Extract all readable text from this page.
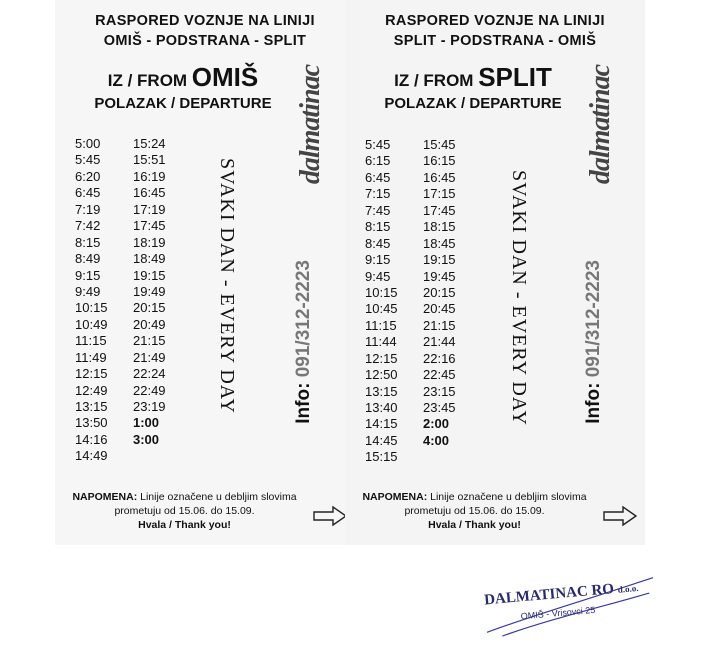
RASPORED VOZNJE NA LINIJI
OMIŠ - PODSTRANA - SPLIT
IZ / FROM OMIŠ
POLAZAK / DEPARTURE
5:00
5:45
6:20
6:45
7:19
7:42
8:15
8:49
9:15
9:49
10:15
10:49
11:15
11:49
12:15
12:49
13:15
13:50
14:16
14:49
15:24
15:51
16:19
16:45
17:19
17:45
18:19
18:49
19:15
19:49
20:15
20:49
21:15
21:49
22:24
22:49
23:19
1:00
3:00
SVAKI DAN - EVERY DAY
dalmatinac
Info: 091/312-2223
NAPOMENA: Linije označene u debljim slovima prometuju od 15.06. do 15.09.
Hvala / Thank you!
RASPORED VOZNJE NA LINIJI
SPLIT - PODSTRANA - OMIŠ
IZ / FROM SPLIT
POLAZAK / DEPARTURE
5:45
6:15
6:45
7:15
7:45
8:15
8:45
9:15
9:45
10:15
10:45
11:15
11:44
12:15
12:50
13:15
13:40
14:15
14:45
15:15
15:45
16:15
16:45
17:15
17:45
18:15
18:45
19:15
19:45
20:15
20:45
21:15
21:44
22:16
22:45
23:15
23:45
2:00
4:00
SVAKI DAN - EVERY DAY
dalmatinac
Info: 091/312-2223
NAPOMENA: Linije označene u debljim slovima prometuju od 15.06. do 15.09.
Hvala / Thank you!
DALMATINAC RO d.o.o.
OMIŠ - Vrisovci 25
